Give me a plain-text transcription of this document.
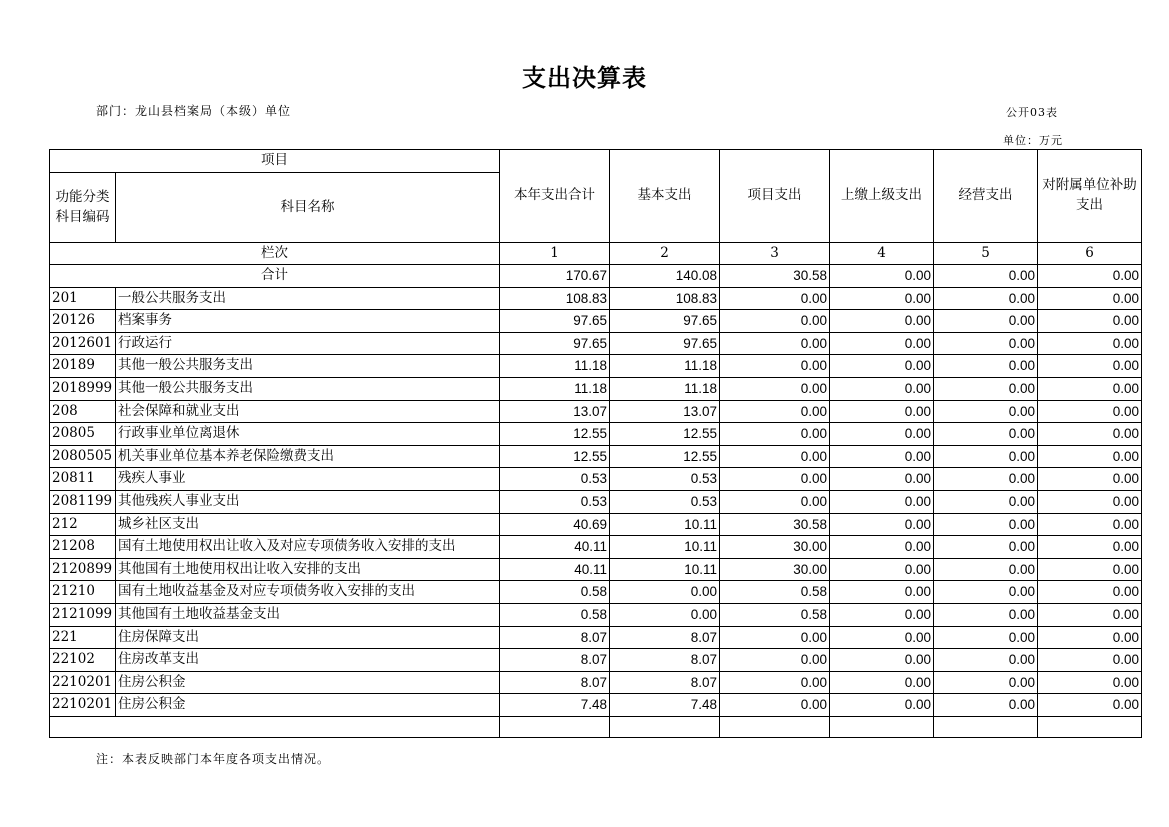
支出决算表
部门：龙山县档案局（本级）单位	公开03表
单位：万元
项目		本年支出合计	基本支出	项目支出	上缴上级支出	经营支出	对附属单位补助支出
功能分类科目编码	科目名称						
栏次		1	2	3	4	5	6
合计		170.67	140.08	30.58	0.00	0.00	0.00
201	一般公共服务支出	108.83	108.83	0.00	0.00	0.00	0.00
20126	档案事务	97.65	97.65	0.00	0.00	0.00	0.00
2012601	行政运行	97.65	97.65	0.00	0.00	0.00	0.00
20189	其他一般公共服务支出	11.18	11.18	0.00	0.00	0.00	0.00
2018999	其他一般公共服务支出	11.18	11.18	0.00	0.00	0.00	0.00
208	社会保障和就业支出	13.07	13.07	0.00	0.00	0.00	0.00
20805	行政事业单位离退休	12.55	12.55	0.00	0.00	0.00	0.00
2080505	机关事业单位基本养老保险缴费支出	12.55	12.55	0.00	0.00	0.00	0.00
20811	残疾人事业	0.53	0.53	0.00	0.00	0.00	0.00
2081199	其他残疾人事业支出	0.53	0.53	0.00	0.00	0.00	0.00
212	城乡社区支出	40.69	10.11	30.58	0.00	0.00	0.00
21208	国有土地使用权出让收入及对应专项债务收入安排的支出	40.11	10.11	30.00	0.00	0.00	0.00
2120899	其他国有土地使用权出让收入安排的支出	40.11	10.11	30.00	0.00	0.00	0.00
21210	国有土地收益基金及对应专项债务收入安排的支出	0.58	0.00	0.58	0.00	0.00	0.00
2121099	其他国有土地收益基金支出	0.58	0.00	0.58	0.00	0.00	0.00
221	住房保障支出	8.07	8.07	0.00	0.00	0.00	0.00
22102	住房改革支出	8.07	8.07	0.00	0.00	0.00	0.00
2210201	住房公积金	8.07	8.07	0.00	0.00	0.00	0.00
2210201	住房公积金	7.48	7.48	0.00	0.00	0.00	0.00

注：本表反映部门本年度各项支出情况。
